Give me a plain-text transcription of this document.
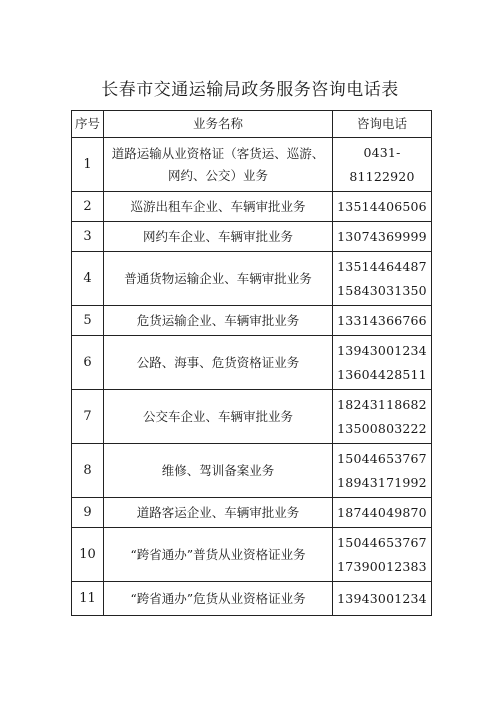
长春市交通运输局政务服务咨询电话表
序号	业务名称	咨询电话
1	道路运输从业资格证（客货运、巡游、网约、公交）业务	0431-81122920

2	巡游出租车企业、车辆审批业务	13514406506

3	网约车企业、车辆审批业务	13074369999

4	普通货物运输企业、车辆审批业务	13514464487
15843031350

5	危货运输企业、车辆审批业务	13314366766

6	公路、海事、危货资格证业务	13943001234
13604428511

7	公交车企业、车辆审批业务	18243118682
13500803222

8	维修、驾训备案业务	15044653767
18943171992

9	道路客运企业、车辆审批业务	18744049870

10	“跨省通办”普货从业资格证业务	15044653767
17390012383

11	“跨省通办”危货从业资格证业务	13943001234
